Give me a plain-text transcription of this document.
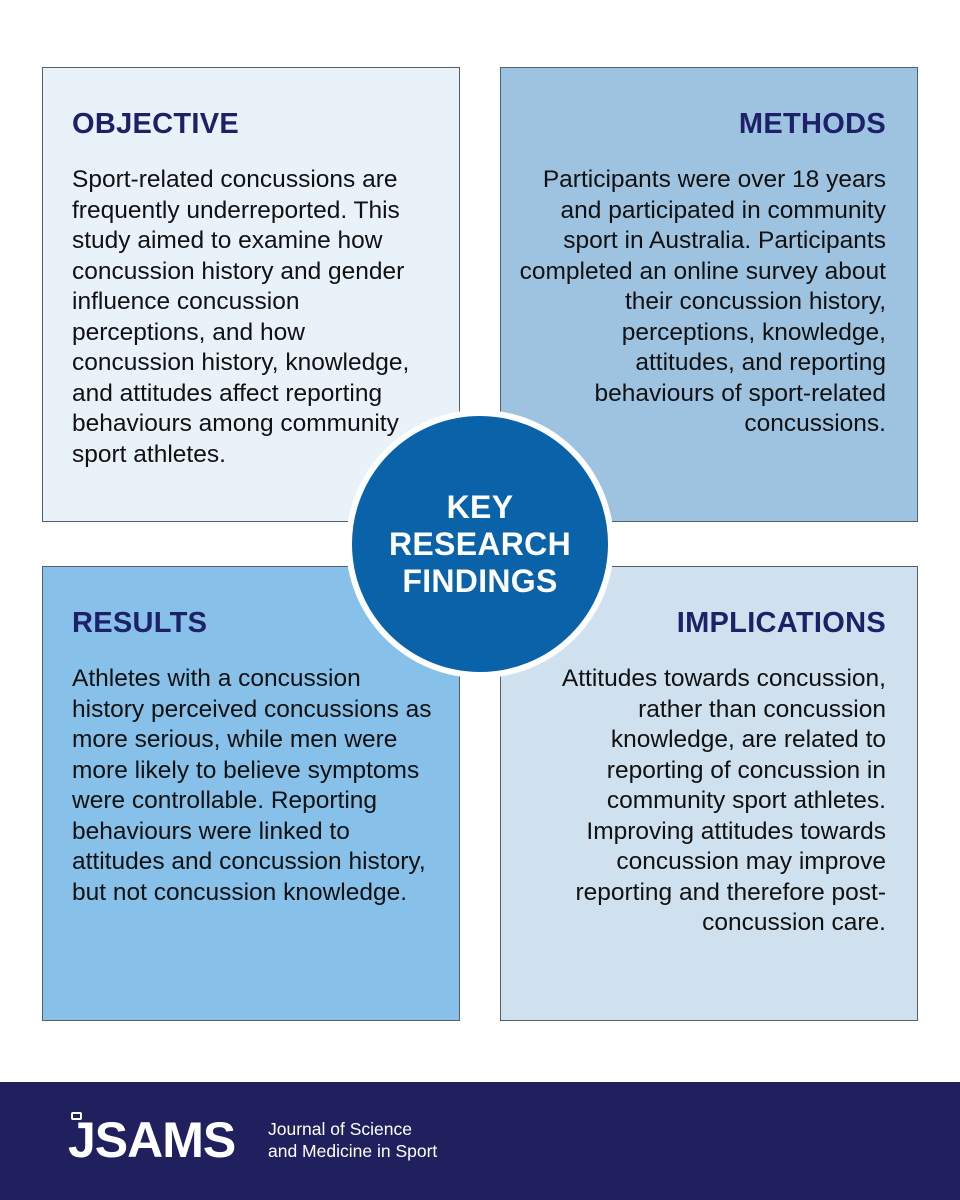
OBJECTIVE

Sport-related concussions are frequently underreported. This study aimed to examine how concussion history and gender influence concussion perceptions, and how concussion history, knowledge, and attitudes affect reporting behaviours among community sport athletes.

METHODS

Participants were over 18 years and participated in community sport in Australia. Participants completed an online survey about their concussion history, perceptions, knowledge, attitudes, and reporting behaviours of sport-related concussions.

RESULTS

Athletes with a concussion history perceived concussions as more serious, while men were more likely to believe symptoms were controllable. Reporting behaviours were linked to attitudes and concussion history, but not concussion knowledge.

IMPLICATIONS

Attitudes towards concussion, rather than concussion knowledge, are related to reporting of concussion in community sport athletes. Improving attitudes towards concussion may improve reporting and therefore post-concussion care.

KEY
RESEARCH
FINDINGS
JSAMS Journal of Science
and Medicine in Sport
